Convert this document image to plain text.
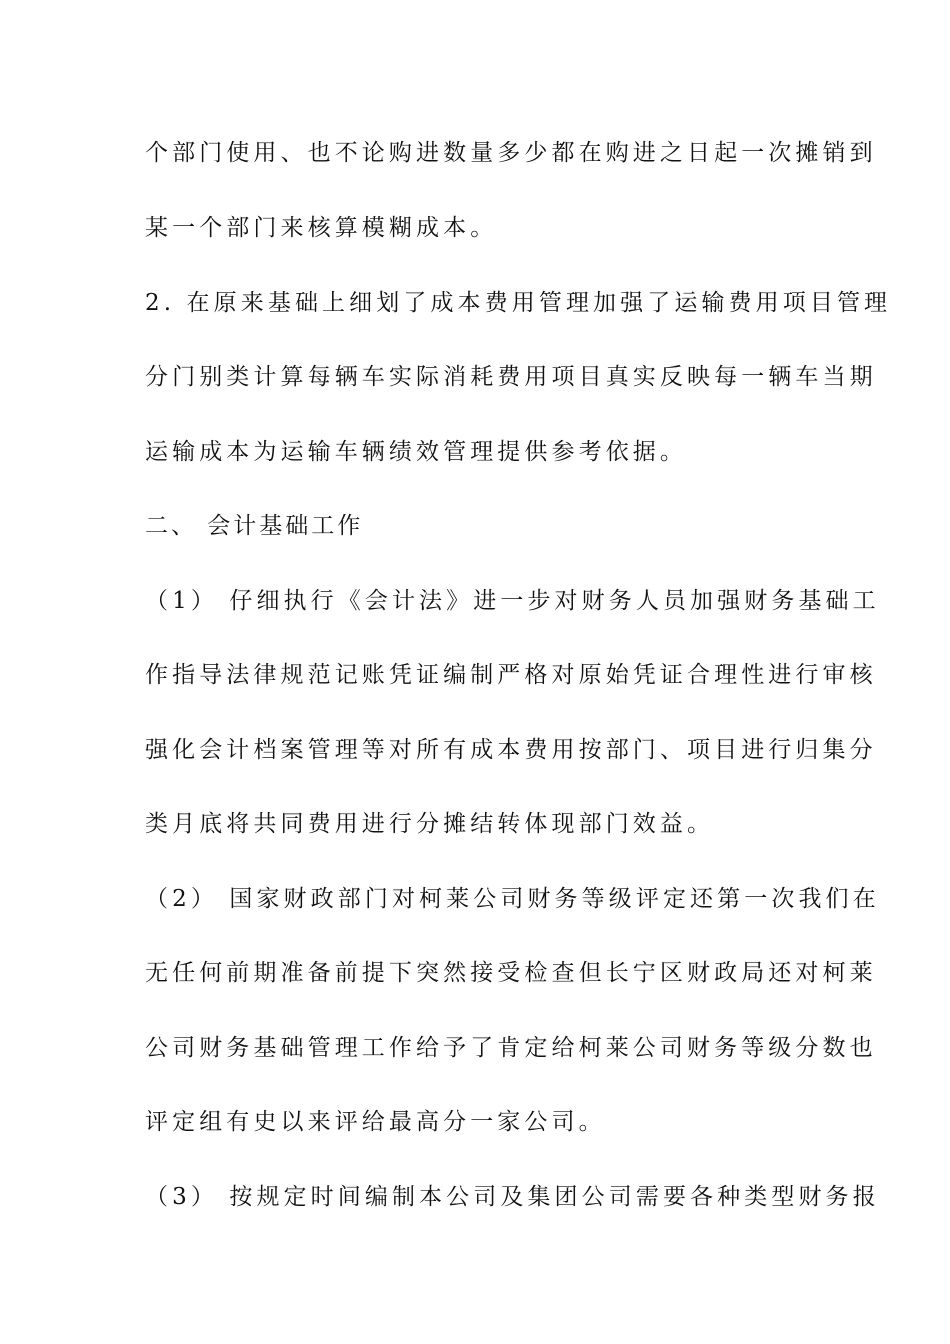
个部门使用、也不论购进数量多少都在购进之日起一次摊销到
某一个部门来核算模糊成本。
2. 在原来基础上细划了成本费用管理加强了运输费用项目管理
分门别类计算每辆车实际消耗费用项目真实反映每一辆车当期
运输成本为运输车辆绩效管理提供参考依据。
二、 会计基础工作
（1） 仔细执行《会计法》进一步对财务人员加强财务基础工
作指导法律规范记账凭证编制严格对原始凭证合理性进行审核
强化会计档案管理等对所有成本费用按部门、项目进行归集分
类月底将共同费用进行分摊结转体现部门效益。
（2） 国家财政部门对柯莱公司财务等级评定还第一次我们在
无任何前期准备前提下突然接受检查但长宁区财政局还对柯莱
公司财务基础管理工作给予了肯定给柯莱公司财务等级分数也
评定组有史以来评给最高分一家公司。
（3） 按规定时间编制本公司及集团公司需要各种类型财务报
